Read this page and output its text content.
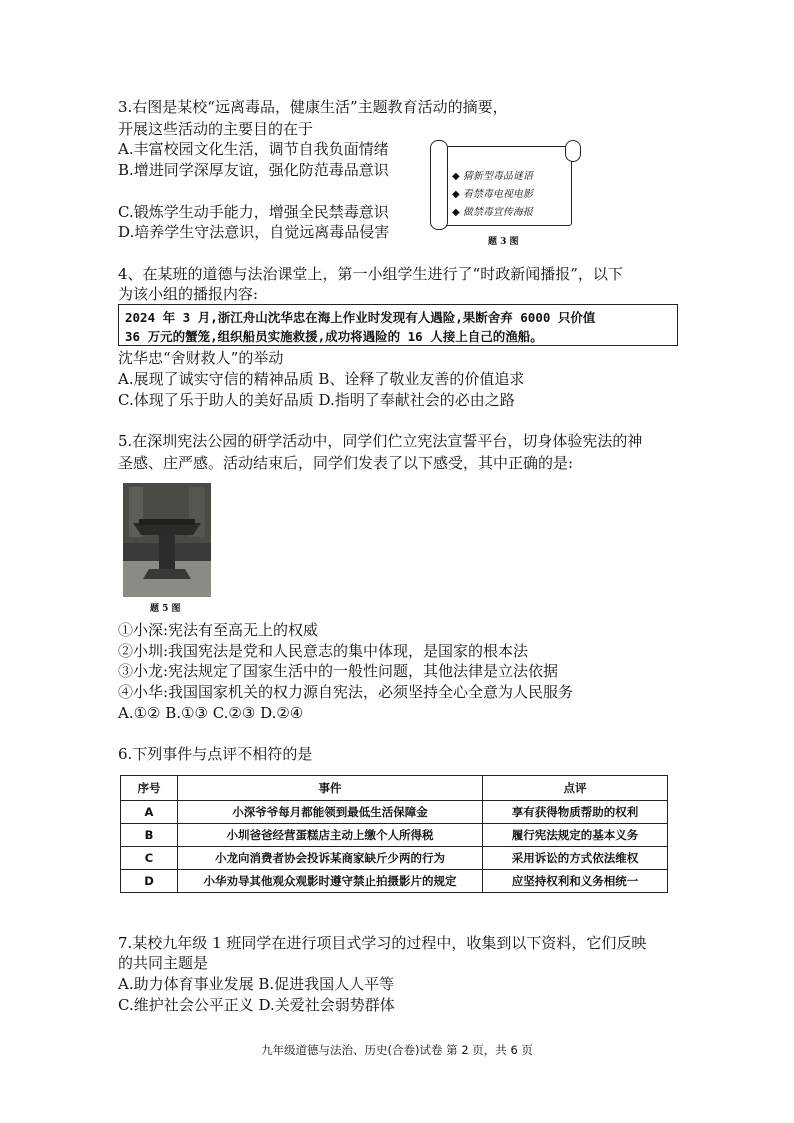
3.右图是某校“远离毒品，健康生活”主题教育活动的摘要，
开展这些活动的主要目的在于
A.丰富校园文化生活，调节自我负面情绪
B.增进同学深厚友谊，强化防范毒品意识
C.锻炼学生动手能力，增强全民禁毒意识
D.培养学生守法意识，自觉远离毒品侵害
◆ 猜新型毒品谜语
◆ 看禁毒电视电影
◆ 做禁毒宣传海报
题 3 图
4、在某班的道德与法治课堂上，第一小组学生进行了“时政新闻播报”，以下
为该小组的播报内容:
2024 年 3 月,浙江舟山沈华忠在海上作业时发现有人遇险,果断舍弃 6000 只价值
36 万元的蟹笼,组织船员实施救援,成功将遇险的 16 人接上自己的渔船。
沈华忠“舍财救人”的举动
A.展现了诚实守信的精神品质 B、诠释了敬业友善的价值追求
C.体现了乐于助人的美好品质 D.指明了奉献社会的必由之路
5.在深圳宪法公园的研学活动中，同学们伫立宪法宣誓平台，切身体验宪法的神
圣感、庄严感。活动结束后，同学们发表了以下感受，其中正确的是:
题 5 图
①小深:宪法有至高无上的权威
②小圳:我国宪法是党和人民意志的集中体现，是国家的根本法
③小龙:宪法规定了国家生活中的一般性问题，其他法律是立法依据
④小华:我国国家机关的权力源自宪法，必须坚持全心全意为人民服务
A.①② B.①③ C.②③ D.②④
6.下列事件与点评不相符的是
序号	事件	点评
A	小深爷爷每月都能领到最低生活保障金	享有获得物质帮助的权利
B	小圳爸爸经营蛋糕店主动上缴个人所得税	履行宪法规定的基本义务
C	小龙向消费者协会投诉某商家缺斤少两的行为	采用诉讼的方式依法维权
D	小华劝导其他观众观影时遵守禁止拍摄影片的规定	应坚持权利和义务相统一
7.某校九年级 1 班同学在进行项目式学习的过程中，收集到以下资料，它们反映
的共同主题是
A.助力体育事业发展 B.促进我国人人平等
C.维护社会公平正义 D.关爱社会弱势群体
九年级道德与法治、历史(合卷)试卷 第 2 页，共 6 页
